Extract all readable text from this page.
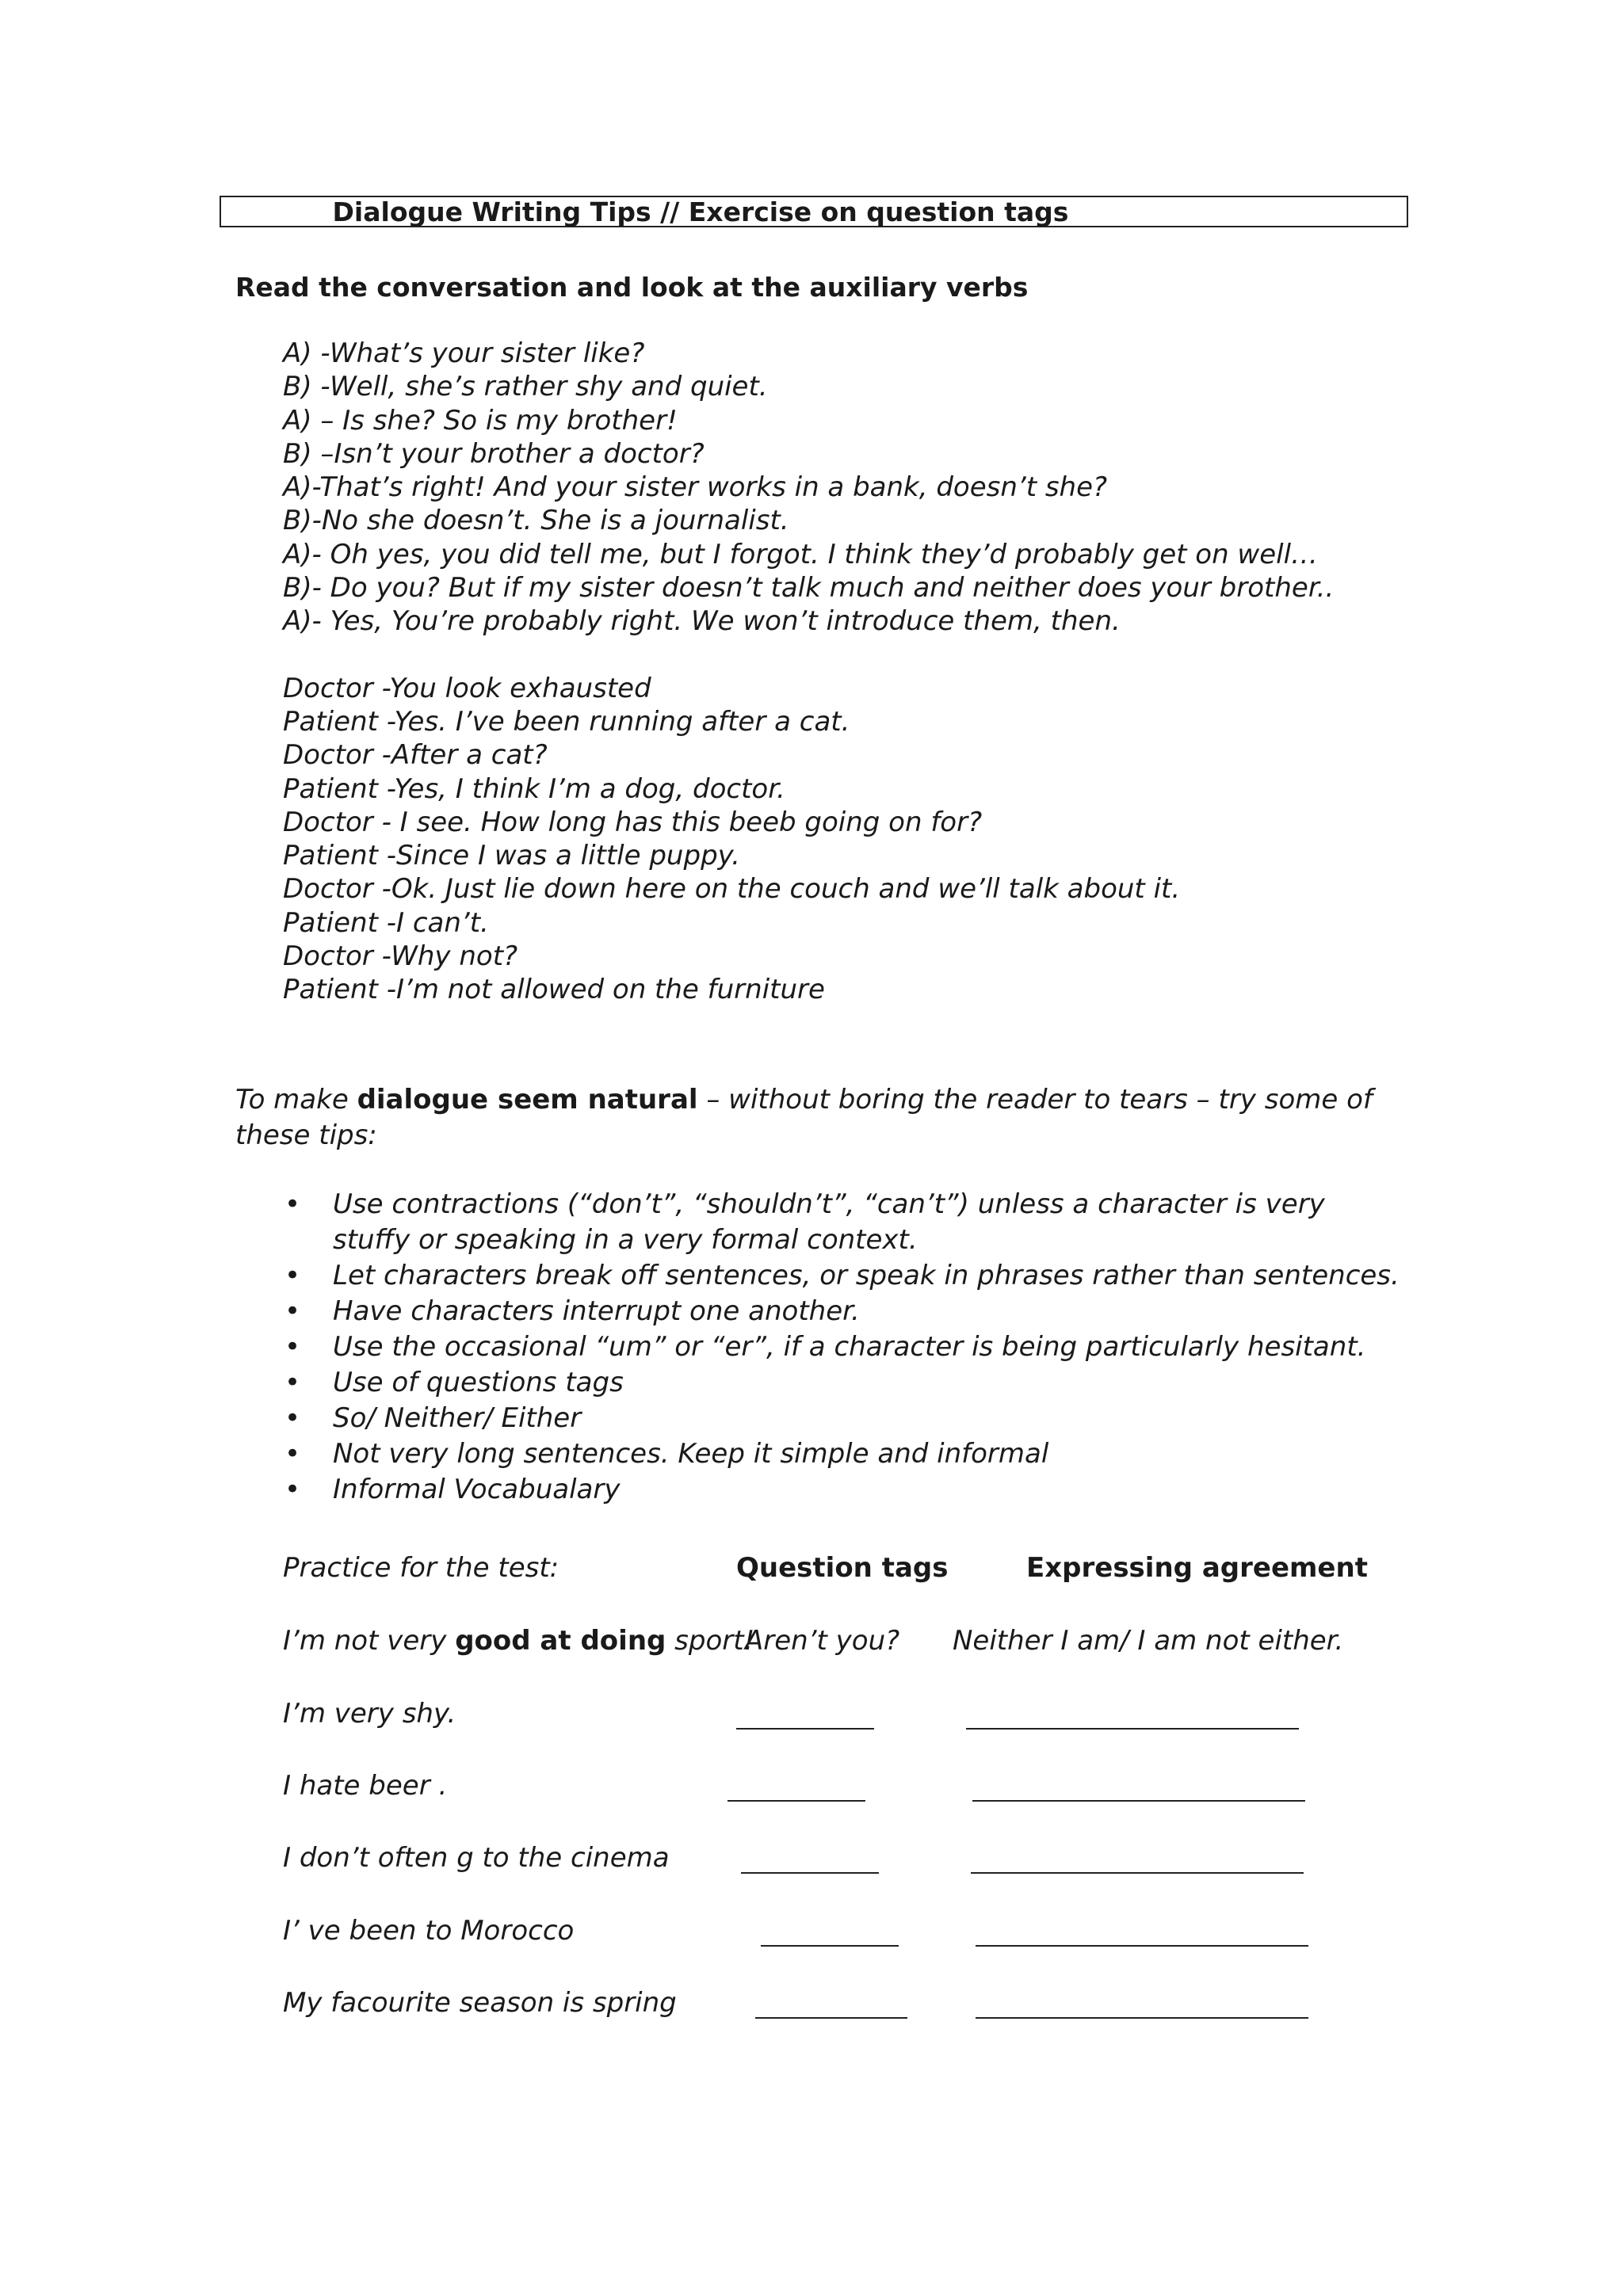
Dialogue Writing Tips // Exercise on question tags
Read the conversation and look at the auxiliary verbs
A) -What’s your sister like?
B) -Well, she’s rather shy and quiet.
A) – Is she? So is my brother!
B) –Isn’t your brother a doctor?
A)-That’s right! And your sister works in a bank, doesn’t she?
B)-No she doesn’t. She is a journalist.
A)- Oh yes, you did tell me, but I forgot. I think they’d probably get on well…
B)- Do you? But if my sister doesn’t talk much and neither does your brother..
A)- Yes, You’re probably right. We won’t introduce them, then.
Doctor -You look exhausted
Patient -Yes. I’ve been running after a cat.
Doctor -After a cat?
Patient -Yes, I think I’m a dog, doctor.
Doctor - I see. How long has this beeb going on for?
Patient -Since I was a little puppy.
Doctor -Ok. Just lie down here on the couch and we’ll talk about it.
Patient -I can’t.
Doctor -Why not?
Patient -I’m not allowed on the furniture
To make dialogue seem natural – without boring the reader to tears – try some of these tips:
• Use contractions (“don’t”, “shouldn’t”, “can’t”) unless a character is very stuffy or speaking in a very formal context.
• Let characters break off sentences, or speak in phrases rather than sentences.
• Have characters interrupt one another.
• Use the occasional “um” or “er”, if a character is being particularly hesitant.
• Use of questions tags
• So/ Neither/ Either
• Not very long sentences. Keep it simple and informal
• Informal Vocabualary
Practice for the test:	Question tags	Expressing agreement
I’m not very good at doing sport!
Aren’t you? Neither I am/ I am not either.
I’m very shy.
I hate beer .
I don’t often g to the cinema
I’ ve been to Morocco
My facourite season is spring
